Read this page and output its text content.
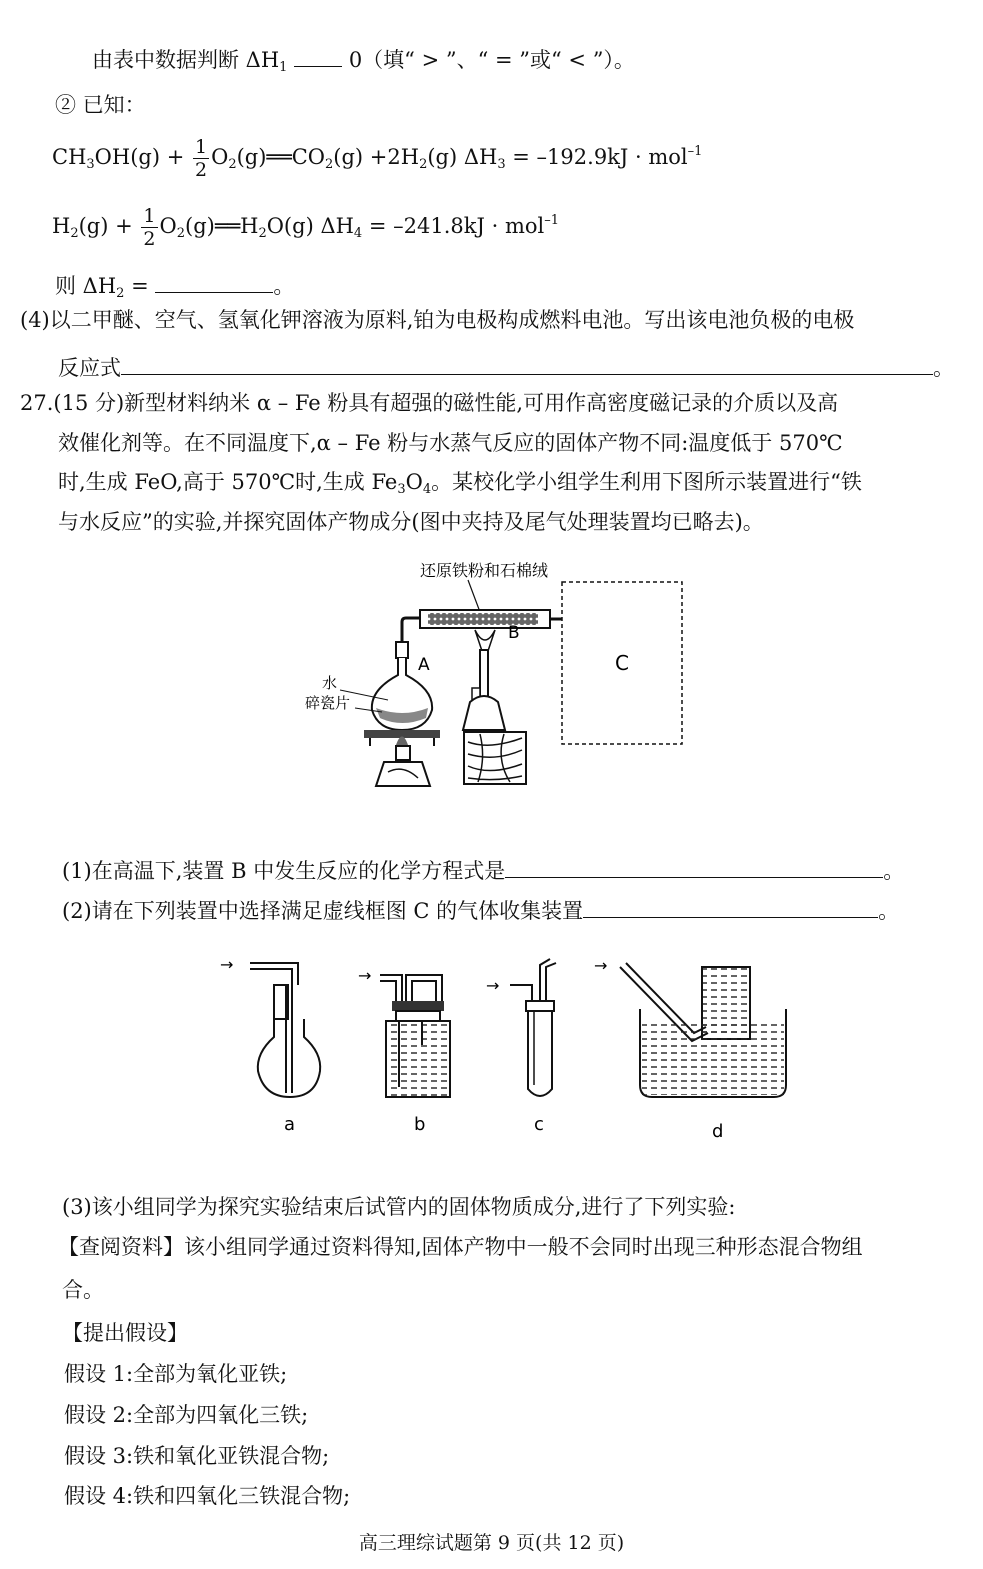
由表中数据判断 $\Delta H_1$	0（填“ > ”、“ = ”或“ < ”）。
② 已知：
$CH_3OH(g) + \frac{1}{2}$ $O_2(g)══CO_2(g) +2H_2(g) \Delta H_3 = -192.9kJ \cdot mol^{-1}$
$H_2(g) + \frac{1}{2}$ $O_2(g)══H_2O(g) \Delta H_4 = -241.8kJ \cdot mol^{-1}$
则 $\Delta H_2$ =	。
(4)以二甲醚、空气、氢氧化钾溶液为原料,铂为电极构成燃料电池。写出该电池负极的电极
反应式	。
27.(15 分)新型材料纳米 α – Fe 粉具有超强的磁性能,可用作高密度磁记录的介质以及高
效催化剂等。在不同温度下,α – Fe 粉与水蒸气反应的固体产物不同:温度低于 570℃
时,生成 FeO,高于 570℃时,生成 $Fe_3O_4$。某校化学小组学生利用下图所示装置进行“铁
与水反应”的实验,并探究固体产物成分(图中夹持及尾气处理装置均已略去)。
还原铁粉和石棉绒
C
A
水
碎瓷片
B
(1)在高温下,装置 B 中发生反应的化学方程式是	。
(2)请在下列装置中选择满足虚线框图 C 的气体收集装置	。
→
a
→
b
→
c
→
d
(3)该小组同学为探究实验结束后试管内的固体物质成分,进行了下列实验:
【查阅资料】该小组同学通过资料得知,固体产物中一般不会同时出现三种形态混合物组
合。
【提出假设】
假设 1:全部为氧化亚铁;
假设 2:全部为四氧化三铁;
假设 3:铁和氧化亚铁混合物;
假设 4:铁和四氧化三铁混合物;
高三理综试题第 9 页(共 12 页)
